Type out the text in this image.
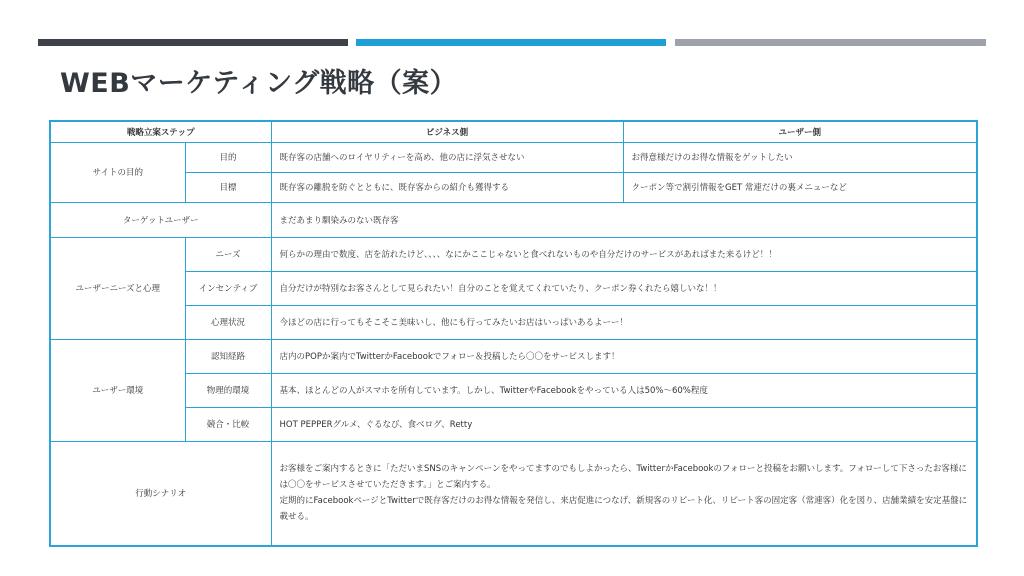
WEBマーケティング戦略（案）
戦略立案ステップ		ビジネス側	ユーザー側
サイトの目的	目的	既存客の店舗へのロイヤリティーを高め、他の店に浮気させない	お得意様だけのお得な情報をゲットしたい
	目標	既存客の離脱を防ぐとともに、既存客からの紹介も獲得する	クーポン等で割引情報をGET 常連だけの裏メニューなど
ターゲットユーザー		まだあまり馴染みのない既存客	
ユーザーニーズと心理	ニーズ	何らかの理由で数度、店を訪れたけど、、、、なにかここじゃないと食べれないものや自分だけのサービスがあればまた来るけど！！	
	インセンティブ	自分だけが特別なお客さんとして見られたい！自分のことを覚えてくれていたり、クーポン券くれたら嬉しいな！！	
	心理状況	今ほどの店に行ってもそこそこ美味いし、他にも行ってみたいお店はいっぱいあるよーー！	
ユーザー環境	認知経路	店内のPOPか案内でTwitterかFacebookでフォロー＆投稿したら〇〇をサービスします！	
	物理的環境	基本、ほとんどの人がスマホを所有しています。しかし、TwitterやFacebookをやっている人は50%～60%程度	
	競合・比較	HOT PEPPERグルメ、ぐるなび、食べログ、Retty	
行動シナリオ		お客様をご案内するときに「ただいまSNSのキャンペーンをやってますのでもしよかったら、TwitterかFacebookのフォローと投稿をお願いします。フォローして下さったお客様には〇〇をサービスさせていただきます。」とご案内する。

定期的にFacebookページとTwitterで既存客だけのお得な情報を発信し、来店促進につなげ、新規客のリピート化、リピート客の固定客（常連客）化を図り、店舗業績を安定基盤に載せる。	
